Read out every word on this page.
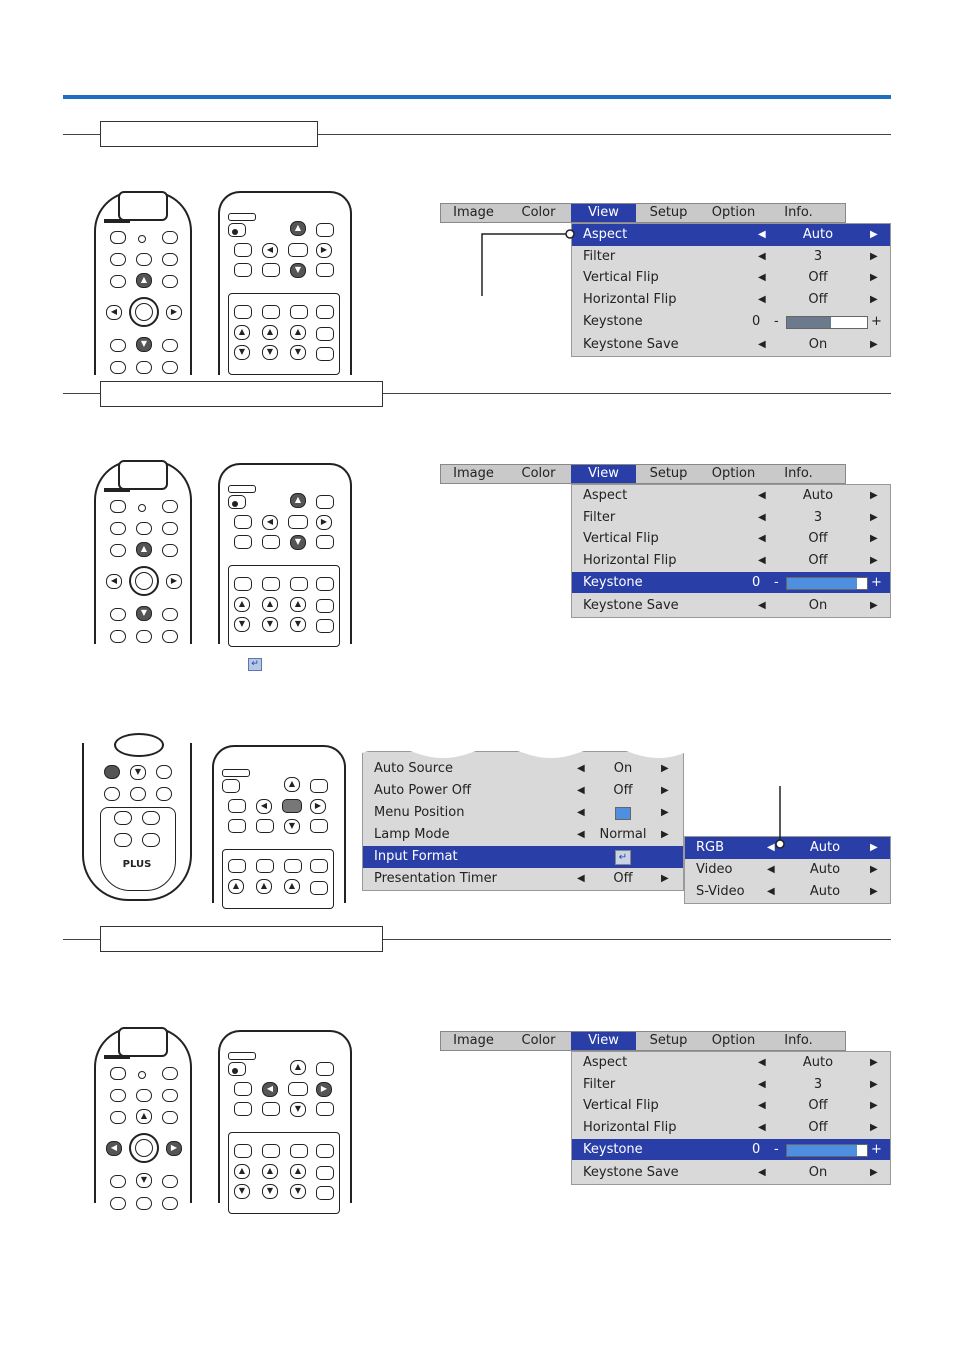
▲
◀	▶
▼
▲
◀	▶
▼
▲	▲	▲
▼	▼	▼
▲
◀	▶
▼
▲
◀	▶
▼
▲	▲	▲
▼	▼	▼
▲
◀	▶
▼
▲
◀	▶
▼
▲	▲	▲
▼	▼	▼
▼
PLUS
▲
◀	▶
▼
▲	▲	▲
Image	Color	View	Setup	Option	Info.
Aspect	◀	Auto	▶
Filter	◀	3	▶
Vertical Flip	◀	Off	▶
Horizontal Flip	◀	Off	▶
Keystone	0 -	+
Keystone Save	◀	On	▶
Image	Color	View	Setup	Option	Info.
Aspect	◀	Auto	▶
Filter	◀	3	▶
Vertical Flip	◀	Off	▶
Horizontal Flip	◀	Off	▶
Keystone	0 -	+
Keystone Save	◀	On	▶
Image	Color	View	Setup	Option	Info.
Aspect	◀	Auto	▶
Filter	◀	3	▶
Vertical Flip	◀	Off	▶
Horizontal Flip	◀	Off	▶
Keystone	0 -	+
Keystone Save	◀	On	▶
↵
Auto Source	◀	On	▶
Auto Power Off	◀	Off	▶
Menu Position	◀	▶
Lamp Mode	◀	Normal	▶
Input Format	↵
Presentation Timer	◀	Off	▶
RGB	◀	Auto	▶
Video	◀	Auto	▶
S-Video ◀	Auto	▶
